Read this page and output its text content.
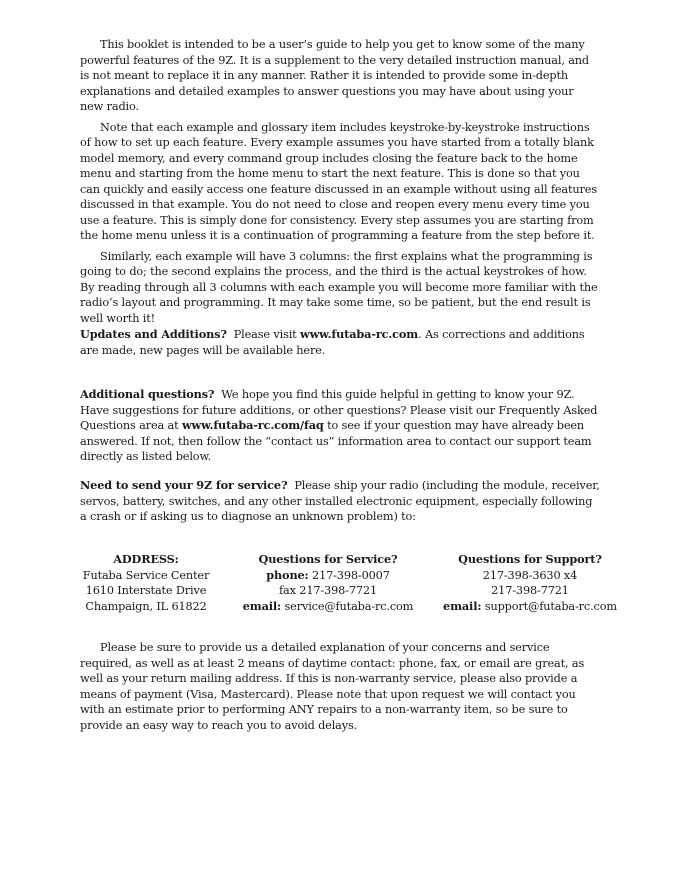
This booklet is intended to be a user’s guide to help you get to know some of the many powerful features of the 9Z. It is a supplement to the very detailed instruction manual, and is not meant to replace it in any manner. Rather it is intended to provide some in-depth explanations and detailed examples to answer questions you may have about using your new radio.

Note that each example and glossary item includes keystroke-by-keystroke instructions of how to set up each feature. Every example assumes you have started from a totally blank model memory, and every command group includes closing the feature back to the home menu and starting from the home menu to start the next feature. This is done so that you can quickly and easily access one feature discussed in an example without using all features discussed in that example. You do not need to close and reopen every menu every time you use a feature. This is simply done for consistency. Every step assumes you are starting from the home menu unless it is a continuation of programming a feature from the step before it.

Similarly, each example will have 3 columns: the first explains what the programming is going to do; the second explains the process, and the third is the actual keystrokes of how. By reading through all 3 columns with each example you will become more familiar with the radio’s layout and programming. It may take some time, so be patient, but the end result is well worth it!

Updates and Additions? Please visit www.futaba-rc.com. As corrections and additions are made, new pages will be available here.

Additional questions? We hope you find this guide helpful in getting to know your 9Z. Have suggestions for future additions, or other questions? Please visit our Frequently Asked Questions area at www.futaba-rc.com/faq to see if your question may have already been answered. If not, then follow the “contact us” information area to contact our support team directly as listed below.

Need to send your 9Z for service? Please ship your radio (including the module, receiver, servos, battery, switches, and any other installed electronic equipment, especially following a crash or if asking us to diagnose an unknown problem) to:

ADDRESS:
Futaba Service Center
1610 Interstate Drive
Champaign, IL 61822
Questions for Service?
phone: 217-398-0007
fax 217-398-7721
email: service@futaba-rc.com
Questions for Support?
217-398-3630 x4
217-398-7721
email: support@futaba-rc.com

Please be sure to provide us a detailed explanation of your concerns and service required, as well as at least 2 means of daytime contact: phone, fax, or email are great, as well as your return mailing address. If this is non-warranty service, please also provide a means of payment (Visa, Mastercard). Please note that upon request we will contact you with an estimate prior to performing ANY repairs to a non-warranty item, so be sure to provide an easy way to reach you to avoid delays.
